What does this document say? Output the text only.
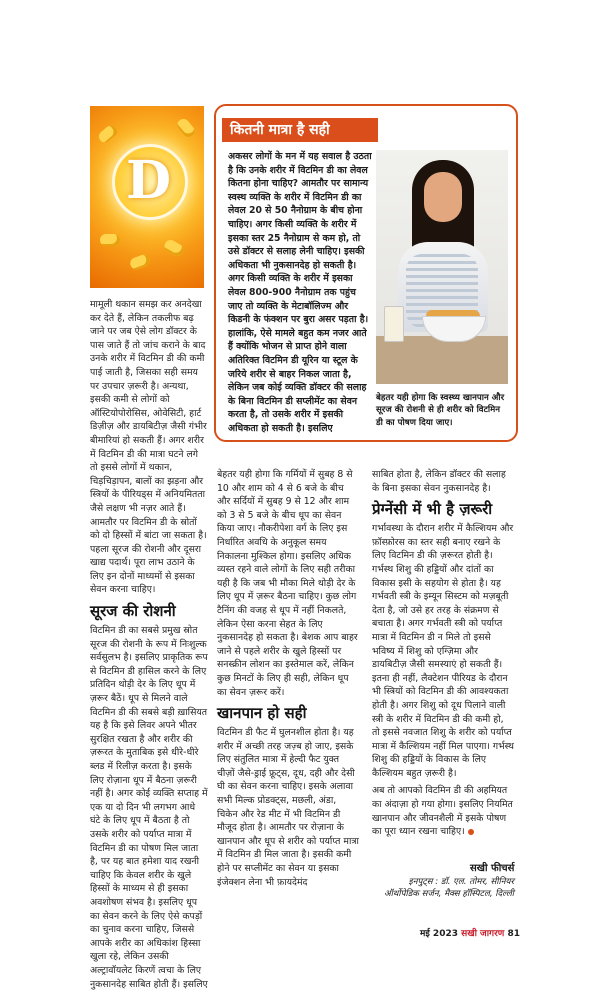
D
कितनी मात्रा है सही
अकसर लोगों के मन में यह सवाल है उठता है कि उनके शरीर में विटमिन डी का लेवल कितना होना चाहिए? आमतौर पर सामान्य स्वस्थ व्यक्ति के शरीर में विटमिन डी का लेवल 20 से 50 नैनोग्राम के बीच होना चाहिए। अगर किसी व्यक्ति के शरीर में इसका स्तर 25 नैनोग्राम से कम हो, तो उसे डॉक्टर से सलाह लेनी चाहिए। इसकी अधिकता भी नुकसानदेह हो सकती है। अगर किसी व्यक्ति के शरीर में इसका लेवल 800-900 नैनोग्राम तक पहुंच जाए तो व्यक्ति के मेटाबॉलिज्म और किडनी के फंक्शन पर बुरा असर पड़ता है। हालांकि, ऐसे मामले बहुत कम नजर आते हैं क्योंकि भोजन से प्राप्त होने वाला अतिरिक्त विटमिन डी यूरिन या स्टूल के जरिये शरीर से बाहर निकल जाता है, लेकिन जब कोई व्यक्ति डॉक्टर की सलाह के बिना विटमिन डी सप्लीमेंट का सेवन करता है, तो उसके शरीर में इसकी अधिकता हो सकती है। इसलिए
बेहतर यही होगा कि स्वस्थ्य खानपान और सूरज की रोशनी से ही शरीर को विटमिन डी का पोषण दिया जाए।

मामूली थकान समझ कर अनदेखा कर देते हैं, लेकिन तकलीफ बढ़ जाने पर जब ऐसे लोग डॉक्टर के पास जाते हैं तो जांच कराने के बाद उनके शरीर में विटमिन डी की कमी पाई जाती है, जिसका सही समय पर उपचार ज़रूरी है। अन्यथा, इसकी कमी से लोगों को ऑस्टियोपोरोसिस, ओवेसिटी, हार्ट डिज़ीज़ और डायबिटीज़ जैसी गंभीर बीमारियां हो सकती हैं। अगर शरीर में विटमिन डी की मात्रा घटने लगे तो इससे लोगों में थकान, चिड़चिड़ापन, बालों का झड़ना और स्त्रियों के पीरियड्स में अनियमितता जैसे लक्षण भी नज़र आते हैं। आमतौर पर विटमिन डी के स्रोतों को दो हिस्सों में बांटा जा सकता है। पहला सूरज की रोशनी और दूसरा खाद्य पदार्थ। पूरा लाभ उठाने के लिए इन दोनों माध्यमों से इसका सेवन करना चाहिए।

सूरज की रोशनी

विटमिन डी का सबसे प्रमुख स्रोत सूरज की रोशनी के रूप में निःशुल्क सर्वसुलभ है। इसलिए प्राकृतिक रूप से विटमिन डी हासिल करने के लिए प्रतिदिन थोड़ी देर के लिए धूप में ज़रूर बैठें। धूप से मिलने वाले विटमिन डी की सबसे बड़ी ख़ासियत यह है कि इसे लिवर अपने भीतर सुरक्षित रखता है और शरीर की ज़रूरत के मुताबिक इसे धीरे-धीरे ब्लड में रिलीज़ करता है। इसके लिए रोज़ाना धूप में बैठना ज़रूरी नहीं है। अगर कोई व्यक्ति सप्ताह में एक या दो दिन भी लगभग आधे घंटे के लिए धूप में बैठता है तो उसके शरीर को पर्याप्त मात्रा में विटमिन डी का पोषण मिल जाता है, पर यह बात हमेशा याद रखनी चाहिए कि केवल शरीर के खुले हिस्सों के माध्यम से ही इसका अवशोषण संभव है। इसलिए धूप का सेवन करने के लिए ऐसे कपड़ों का चुनाव करना चाहिए, जिससे आपके शरीर का अधिकांश हिस्सा खुला रहे, लेकिन उसकी अल्ट्रावॉयलेट किरणें त्वचा के लिए नुकसानदेह साबित होती हैं। इसलिए

बेहतर यही होगा कि गर्मियों में सुबह 8 से 10 और शाम को 4 से 6 बजे के बीच और सर्दियों में सुबह 9 से 12 और शाम को 3 से 5 बजे के बीच धूप का सेवन किया जाए। नौकरीपेशा वर्ग के लिए इस निर्धारित अवधि के अनुकूल समय निकालना मुश्किल होगा। इसलिए अधिक व्यस्त रहने वाले लोगों के लिए सही तरीका यही है कि जब भी मौका मिले थोड़ी देर के लिए धूप में ज़रूर बैठना चाहिए। कुछ लोग टैनिंग की वजह से धूप में नहीं निकलते, लेकिन ऐसा करना सेहत के लिए नुकसानदेह हो सकता है। बेशक आप बाहर जाने से पहले शरीर के खुले हिस्सों पर सनस्क्रीन लोशन का इस्तेमाल करें, लेकिन कुछ मिनटों के लिए ही सही, लेकिन धूप का सेवन ज़रूर करें।

खानपान हो सही

विटमिन डी फैट में घुलनशील होता है। यह शरीर में अच्छी तरह जज़्ब हो जाए, इसके लिए संतुलित मात्रा में हेल्दी फैट युक्त चीज़ों जैसे-ड्राई फ्रूट्स, दूध, दही और देसी घी का सेवन करना चाहिए। इसके अलावा सभी मिल्क प्रोडक्ट्स, मछली, अंडा, चिकेन और रेड मीट में भी विटमिन डी मौजूद होता है। आमतौर पर रोज़ाना के खानपान और धूप से शरीर को पर्याप्त मात्रा में विटमिन डी मिल जाता है। इसकी कमी होने पर सप्लीमेंट का सेवन या इसका इंजेक्शन लेना भी फ़ायदेमंद

साबित होता है, लेकिन डॉक्टर की सलाह के बिना इसका सेवन नुकसानदेह है।

प्रेग्नेंसी में भी है ज़रूरी

गर्भावस्था के दौरान शरीर में कैल्शियम और फ़ॉस्फ़ोरस का स्तर सही बनाए रखने के लिए विटमिन डी की ज़रूरत होती है। गर्भस्थ शिशु की हड्डियों और दांतों का विकास इसी के सहयोग से होता है। यह गर्भवती स्त्री के इम्यून सिस्टम को मज़बूती देता है, जो उसे हर तरह के संक्रमण से बचाता है। अगर गर्भवती स्त्री को पर्याप्त मात्रा में विटमिन डी न मिले तो इससे भविष्य में शिशु को एग्ज़िमा और डायबिटीज़ जैसी समस्याएं हो सकती हैं। इतना ही नहीं, लैक्टेशन पीरियड के दौरान भी स्त्रियों को विटमिन डी की आवश्यकता होती है। अगर शिशु को दूध पिलाने वाली स्त्री के शरीर में विटमिन डी की कमी हो, तो इससे नवजात शिशु के शरीर को पर्याप्त मात्रा में कैल्शियम नहीं मिल पाएगा। गर्भस्थ शिशु की हड्डियों के विकास के लिए कैल्शियम बहुत ज़रूरी है।

अब तो आपको विटमिन डी की अहमियत का अंदाज़ा हो गया होगा। इसलिए नियमित खानपान और जीवनशैली में इसके पोषण का पूरा ध्यान रखना चाहिए।

सखी फीचर्स
इनपुट्स : डॉ. एल. तोमर, सीनियर ऑर्थोपेडिक सर्जन, मैक्स हॉस्पिटल, दिल्ली
मई 2023 सखी जागरण 81
